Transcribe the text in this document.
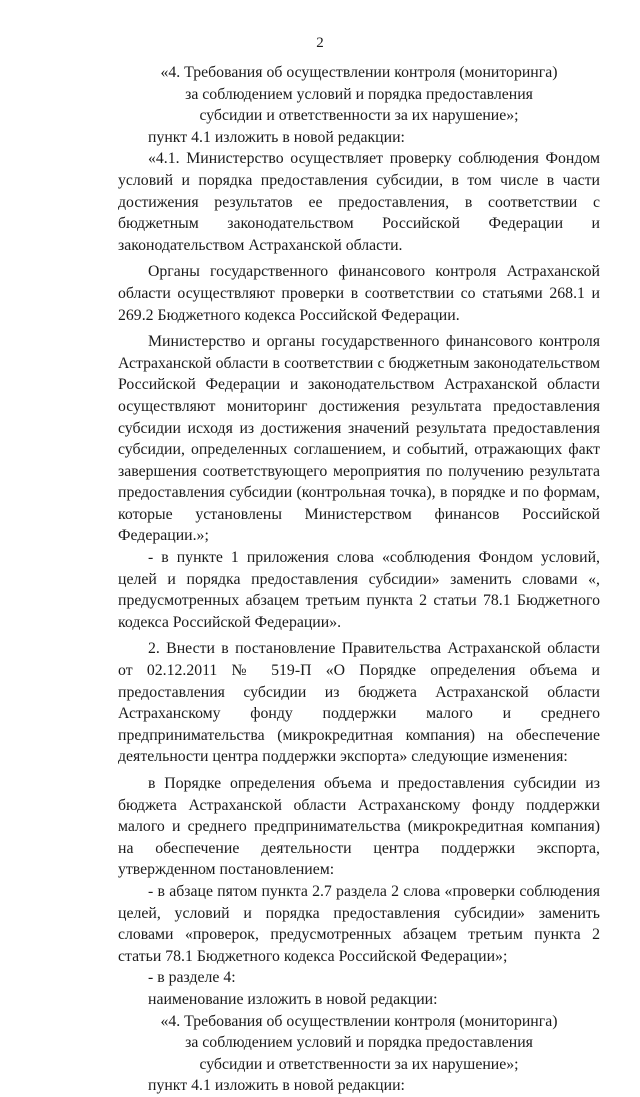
2

«4. Требования об осуществлении контроля (мониторинга)

за соблюдением условий и порядка предоставления

субсидии и ответственности за их нарушение»;

пункт 4.1 изложить в новой редакции:

«4.1. Министерство осуществляет проверку соблюдения Фондом условий и порядка предоставления субсидии, в том числе в части достижения результатов ее предоставления, в соответствии с бюджетным законодательством Российской Федерации и законодательством Астраханской области.

Органы государственного финансового контроля Астраханской области осуществляют проверки в соответствии со статьями 268.1 и 269.2 Бюджетного кодекса Российской Федерации.

Министерство и органы государственного финансового контроля Астраханской области в соответствии с бюджетным законодательством Российской Федерации и законодательством Астраханской области осуществляют мониторинг достижения результата предоставления субсидии исходя из достижения значений результата предоставления субсидии, определенных соглашением, и событий, отражающих факт завершения соответствующего мероприятия по получению результата предоставления субсидии (контрольная точка), в порядке и по формам, которые установлены Министерством финансов Российской Федерации.»;

- в пункте 1 приложения слова «соблюдения Фондом условий, целей и порядка предоставления субсидии» заменить словами «, предусмотренных абзацем третьим пункта 2 статьи 78.1 Бюджетного кодекса Российской Федерации».

2. Внести в постановление Правительства Астраханской области от 02.12.2011 № 519-П «О Порядке определения объема и предоставления субсидии из бюджета Астраханской области Астраханскому фонду поддержки малого и среднего предпринимательства (микрокредитная компания) на обеспечение деятельности центра поддержки экспорта» следующие изменения:

в Порядке определения объема и предоставления субсидии из бюджета Астраханской области Астраханскому фонду поддержки малого и среднего предпринимательства (микрокредитная компания) на обеспечение деятельности центра поддержки экспорта, утвержденном постановлением:

- в абзаце пятом пункта 2.7 раздела 2 слова «проверки соблюдения целей, условий и порядка предоставления субсидии» заменить словами «проверок, предусмотренных абзацем третьим пункта 2 статьи 78.1 Бюджетного кодекса Российской Федерации»;

- в разделе 4:

наименование изложить в новой редакции:

«4. Требования об осуществлении контроля (мониторинга)

за соблюдением условий и порядка предоставления

субсидии и ответственности за их нарушение»;

пункт 4.1 изложить в новой редакции:
